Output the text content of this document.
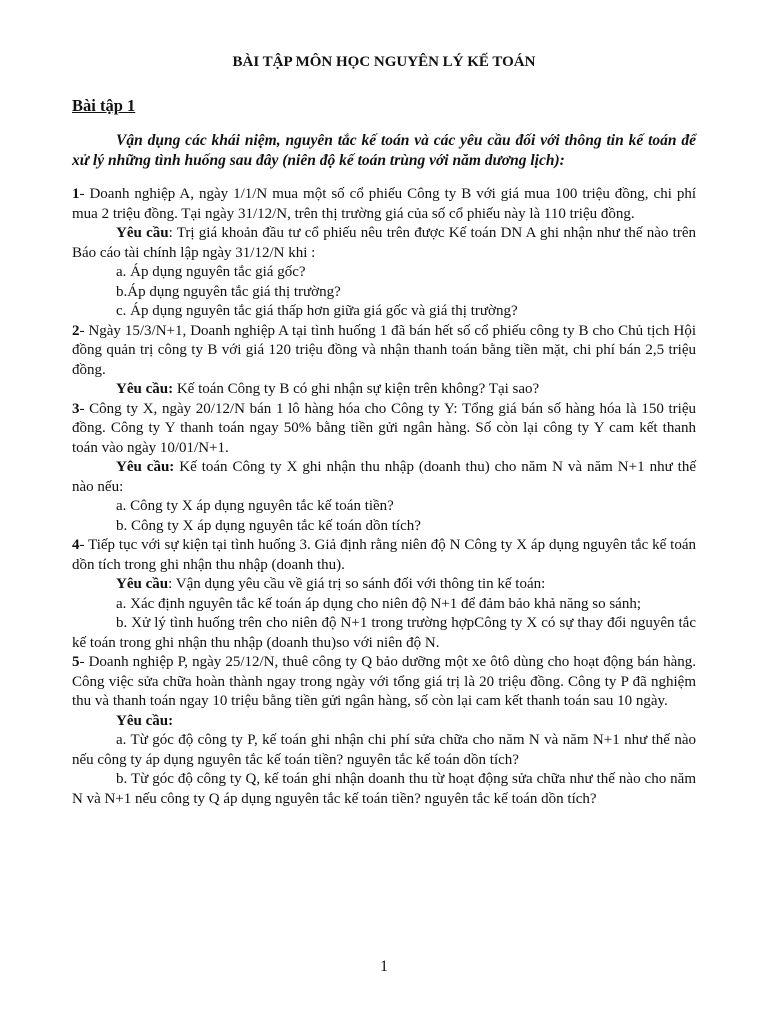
BÀI TẬP MÔN HỌC NGUYÊN LÝ KẾ TOÁN
Bài tập 1
Vận dụng các khái niệm, nguyên tắc kế toán và các yêu cầu đối với thông tin kế toán để xử lý những tình huống sau đây (niên độ kế toán trùng với năm dương lịch):

1- Doanh nghiệp A, ngày 1/1/N mua một số cổ phiếu Công ty B với giá mua 100 triệu đồng, chi phí mua 2 triệu đồng. Tại ngày 31/12/N, trên thị trường giá của số cổ phiếu này là 110 triệu đồng.

Yêu cầu: Trị giá khoản đầu tư cổ phiếu nêu trên được Kế toán DN A ghi nhận như thế nào trên Báo cáo tài chính lập ngày 31/12/N khi :

a. Áp dụng nguyên tắc giá gốc?

b.Áp dụng nguyên tắc giá thị trường?

c. Áp dụng nguyên tắc giá thấp hơn giữa giá gốc và giá thị trường?

2- Ngày 15/3/N+1, Doanh nghiệp A tại tình huống 1 đã bán hết số cổ phiếu công ty B cho Chủ tịch Hội đồng quản trị công ty B với giá 120 triệu đồng và nhận thanh toán bằng tiền mặt, chi phí bán 2,5 triệu đồng.

Yêu cầu: Kế toán Công ty B có ghi nhận sự kiện trên không? Tại sao?

3- Công ty X, ngày 20/12/N bán 1 lô hàng hóa cho Công ty Y: Tổng giá bán số hàng hóa là 150 triệu đồng. Công ty Y thanh toán ngay 50% bằng tiền gửi ngân hàng. Số còn lại công ty Y cam kết thanh toán vào ngày 10/01/N+1.

Yêu cầu: Kế toán Công ty X ghi nhận thu nhập (doanh thu) cho năm N và năm N+1 như thế nào nếu:

a. Công ty X áp dụng nguyên tắc kế toán tiền?

b. Công ty X áp dụng nguyên tắc kế toán dồn tích?

4- Tiếp tục với sự kiện tại tình huống 3. Giả định rằng niên độ N Công ty X áp dụng nguyên tắc kế toán dồn tích trong ghi nhận thu nhập (doanh thu).

Yêu cầu: Vận dụng yêu cầu về giá trị so sánh đối với thông tin kế toán:

a. Xác định nguyên tắc kế toán áp dụng cho niên độ N+1 để đảm bảo khả năng so sánh;

b. Xử lý tình huống trên cho niên độ N+1 trong trường hợpCông ty X có sự thay đổi nguyên tắc kế toán trong ghi nhận thu nhập (doanh thu)so với niên độ N.

5- Doanh nghiệp P, ngày 25/12/N, thuê công ty Q bảo dưỡng một xe ôtô dùng cho hoạt động bán hàng. Công việc sửa chữa hoàn thành ngay trong ngày với tổng giá trị là 20 triệu đồng. Công ty P đã nghiệm thu và thanh toán ngay 10 triệu bằng tiền gửi ngân hàng, số còn lại cam kết thanh toán sau 10 ngày.

Yêu cầu:

a. Từ góc độ công ty P, kế toán ghi nhận chi phí sửa chữa cho năm N và năm N+1 như thế nào nếu công ty áp dụng nguyên tắc kế toán tiền? nguyên tắc kế toán dồn tích?

b. Từ góc độ công ty Q, kế toán ghi nhận doanh thu từ hoạt động sửa chữa như thế nào cho năm N và N+1 nếu công ty Q áp dụng nguyên tắc kế toán tiền? nguyên tắc kế toán dồn tích?

1
